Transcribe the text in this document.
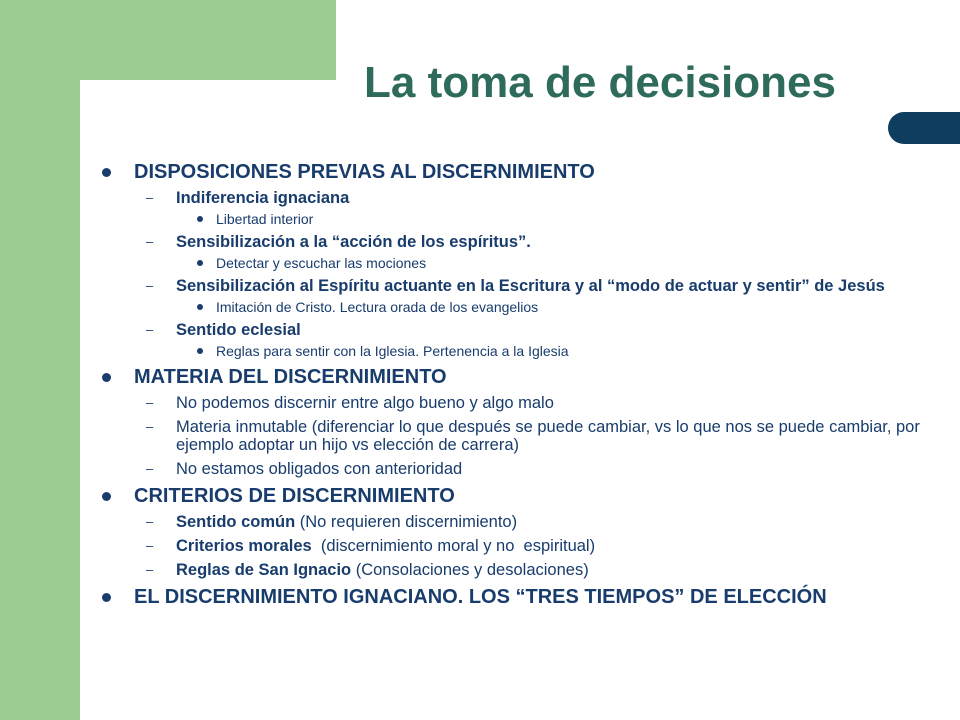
La toma de decisiones
DISPOSICIONES PREVIAS AL DISCERNIMIENTO
– Indiferencia ignaciana
Libertad interior
– Sensibilización a la “acción de los espíritus”.
Detectar y escuchar las mociones
– Sensibilización al Espíritu actuante en la Escritura y al “modo de actuar y sentir” de Jesús
Imitación de Cristo. Lectura orada de los evangelios
– Sentido eclesial
Reglas para sentir con la Iglesia. Pertenencia a la Iglesia
MATERIA DEL DISCERNIMIENTO
– No podemos discernir entre algo bueno y algo malo
– Materia inmutable (diferenciar lo que después se puede cambiar, vs lo que nos se puede cambiar, por ejemplo adoptar un hijo vs elección de carrera)
– No estamos obligados con anterioridad
CRITERIOS DE DISCERNIMIENTO
– Sentido común (No requieren discernimiento)
– Criterios morales  (discernimiento moral y no  espiritual)
– Reglas de San Ignacio (Consolaciones y desolaciones)
EL DISCERNIMIENTO IGNACIANO. LOS “TRES TIEMPOS” DE ELECCIÓN
